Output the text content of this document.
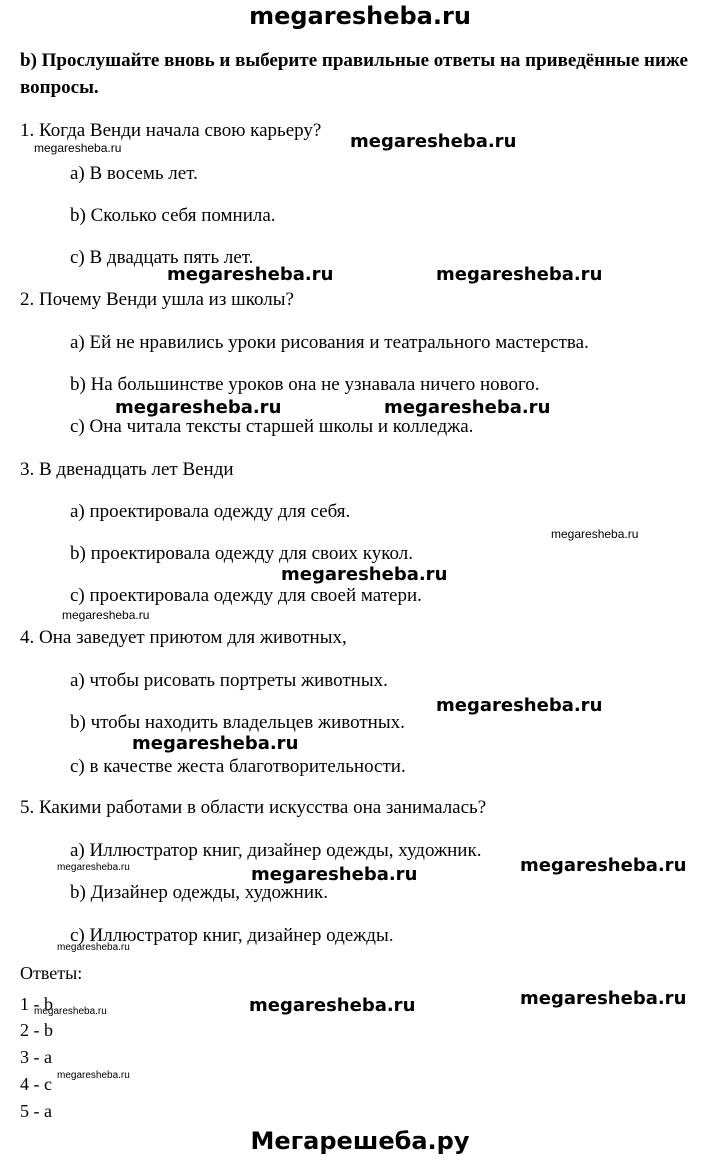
megaresheba.ru
b) Прослушайте вновь и выберите правильные ответы на приведённые ниже вопросы.
1. Когда Венди начала свою карьеру?
a) В восемь лет.
b) Сколько себя помнила.
c) В двадцать пять лет.
2. Почему Венди ушла из школы?
a) Ей не нравились уроки рисования и театрального мастерства.
b) На большинстве уроков она не узнавала ничего нового.
c) Она читала тексты старшей школы и колледжа.
3. В двенадцать лет Венди
a) проектировала одежду для себя.
b) проектировала одежду для своих кукол.
c) проектировала одежду для своей матери.
4. Она заведует приютом для животных,
a) чтобы рисовать портреты животных.
b) чтобы находить владельцев животных.
c) в качестве жеста благотворительности.
5. Какими работами в области искусства она занималась?
a) Иллюстратор книг, дизайнер одежды, художник.
b) Дизайнер одежды, художник.
c) Иллюстратор книг, дизайнер одежды.
Ответы:
1 - b
2 - b
3 - a
4 - c
5 - a
megaresheba.ru	megaresheba.ru
megaresheba.ru	megaresheba.ru
megaresheba.ru	megaresheba.ru
megaresheba.ru
megaresheba.ru
megaresheba.ru
megaresheba.ru
megaresheba.ru
megaresheba.ru	megaresheba.ru	megaresheba.ru
megaresheba.ru
megaresheba.ru	megaresheba.ru	megaresheba.ru
megaresheba.ru
Мегарешеба.ру
